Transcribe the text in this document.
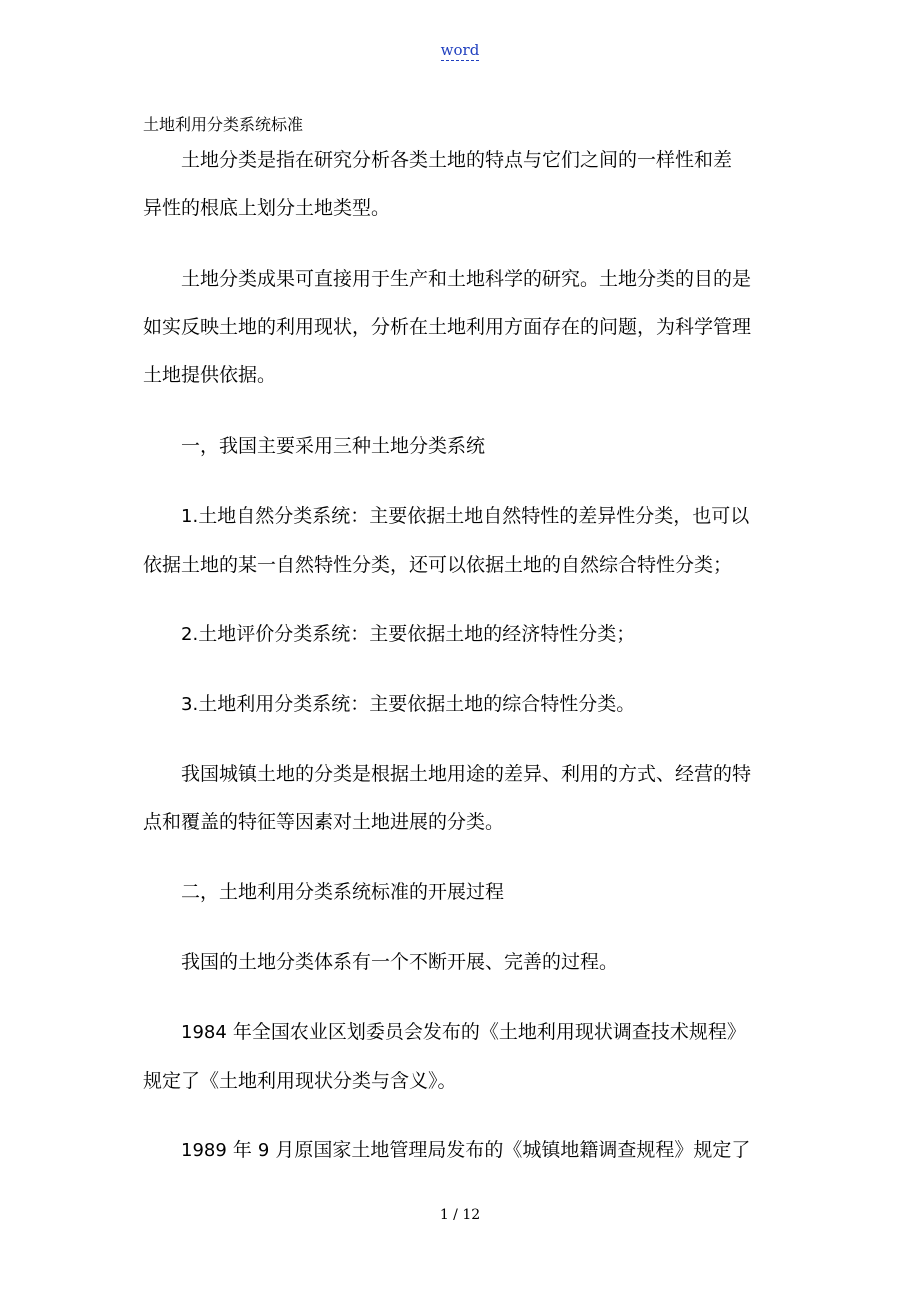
word
土地利用分类系统标准

土地分类是指在研究分析各类土地的特点与它们之间的一样性和差
异性的根底上划分土地类型。

土地分类成果可直接用于生产和土地科学的研究。土地分类的目的是
如实反映土地的利用现状，分析在土地利用方面存在的问题，为科学管理
土地提供依据。

一，我国主要采用三种土地分类系统

1.土地自然分类系统：主要依据土地自然特性的差异性分类，也可以
依据土地的某一自然特性分类，还可以依据土地的自然综合特性分类；

2.土地评价分类系统：主要依据土地的经济特性分类；

3.土地利用分类系统：主要依据土地的综合特性分类。

我国城镇土地的分类是根据土地用途的差异、利用的方式、经营的特
点和覆盖的特征等因素对土地进展的分类。

二，土地利用分类系统标准的开展过程

我国的土地分类体系有一个不断开展、完善的过程。

1984 年全国农业区划委员会发布的《土地利用现状调查技术规程》
规定了《土地利用现状分类与含义》。

1989 年 9 月原国家土地管理局发布的《城镇地籍调查规程》规定了

1 / 12
